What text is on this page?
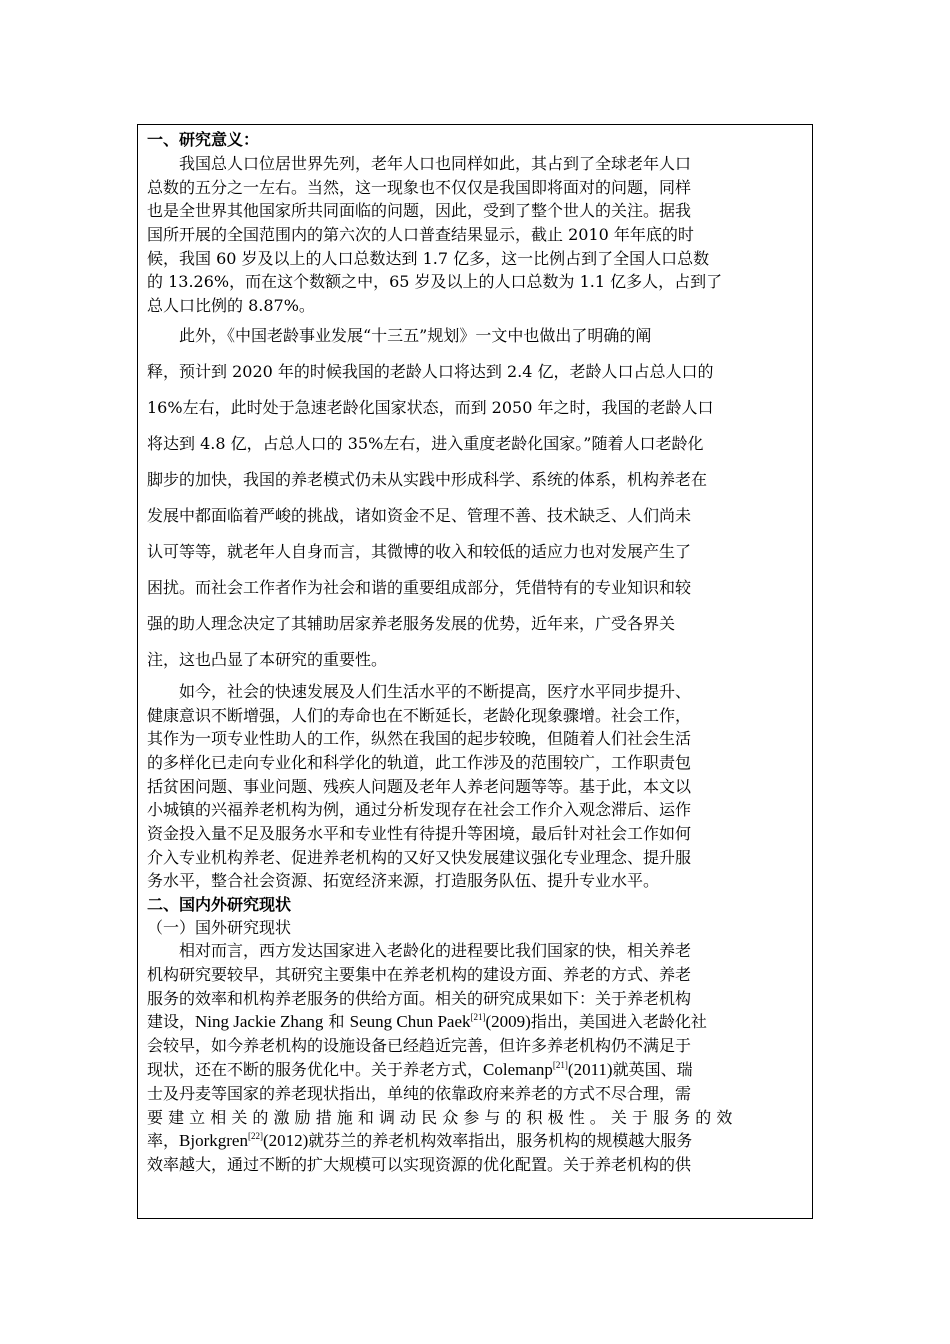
一、研究意义：
　　我国总人口位居世界先列，老年人口也同样如此，其占到了全球老年人口
总数的五分之一左右。当然，这一现象也不仅仅是我国即将面对的问题，同样
也是全世界其他国家所共同面临的问题，因此，受到了整个世人的关注。据我
国所开展的全国范围内的第六次的人口普查结果显示，截止 2010 年年底的时
候，我国 60 岁及以上的人口总数达到 1.7 亿多，这一比例占到了全国人口总数
的 13.26%，而在这个数额之中，65 岁及以上的人口总数为 1.1 亿多人，占到了
总人口比例的 8.87%。
　　此外，《中国老龄事业发展“十三五”规划》一文中也做出了明确的阐
释，预计到 2020 年的时候我国的老龄人口将达到 2.4 亿，老龄人口占总人口的
16%左右，此时处于急速老龄化国家状态，而到 2050 年之时，我国的老龄人口
将达到 4.8 亿，占总人口的 35%左右，进入重度老龄化国家。”随着人口老龄化
脚步的加快，我国的养老模式仍未从实践中形成科学、系统的体系，机构养老在
发展中都面临着严峻的挑战，诸如资金不足、管理不善、技术缺乏、人们尚未
认可等等，就老年人自身而言，其微博的收入和较低的适应力也对发展产生了
困扰。而社会工作者作为社会和谐的重要组成部分，凭借特有的专业知识和较
强的助人理念决定了其辅助居家养老服务发展的优势，近年来，广受各界关
注，这也凸显了本研究的重要性。
　　如今，社会的快速发展及人们生活水平的不断提高，医疗水平同步提升、
健康意识不断增强，人们的寿命也在不断延长，老龄化现象骤增。社会工作，
其作为一项专业性助人的工作，纵然在我国的起步较晚，但随着人们社会生活
的多样化已走向专业化和科学化的轨道，此工作涉及的范围较广，工作职责包
括贫困问题、事业问题、残疾人问题及老年人养老问题等等。基于此，本文以
小城镇的兴福养老机构为例，通过分析发现存在社会工作介入观念滞后、运作
资金投入量不足及服务水平和专业性有待提升等困境，最后针对社会工作如何
介入专业机构养老、促进养老机构的又好又快发展建议强化专业理念、提升服
务水平，整合社会资源、拓宽经济来源，打造服务队伍、提升专业水平。
二、国内外研究现状
（一）国外研究现状
　　相对而言，西方发达国家进入老龄化的进程要比我们国家的快，相关养老
机构研究要较早，其研究主要集中在养老机构的建设方面、养老的方式、养老
服务的效率和机构养老服务的供给方面。相关的研究成果如下：关于养老机构
建设，Ning Jackie Zhang 和 Seung Chun Paek[21](2009)指出，美国进入老龄化社
会较早，如今养老机构的设施设备已经趋近完善，但许多养老机构仍不满足于
现状，还在不断的服务优化中。关于养老方式，Colemanp[21](2011)就英国、瑞
士及丹麦等国家的养老现状指出，单纯的依靠政府来养老的方式不尽合理，需
要 建 立 相 关 的 激 励 措 施 和 调 动 民 众 参 与 的 积 极 性 。 关 于 服 务 的 效
率，Bjorkgren[22](2012)就芬兰的养老机构效率指出，服务机构的规模越大服务
效率越大，通过不断的扩大规模可以实现资源的优化配置。关于养老机构的供
